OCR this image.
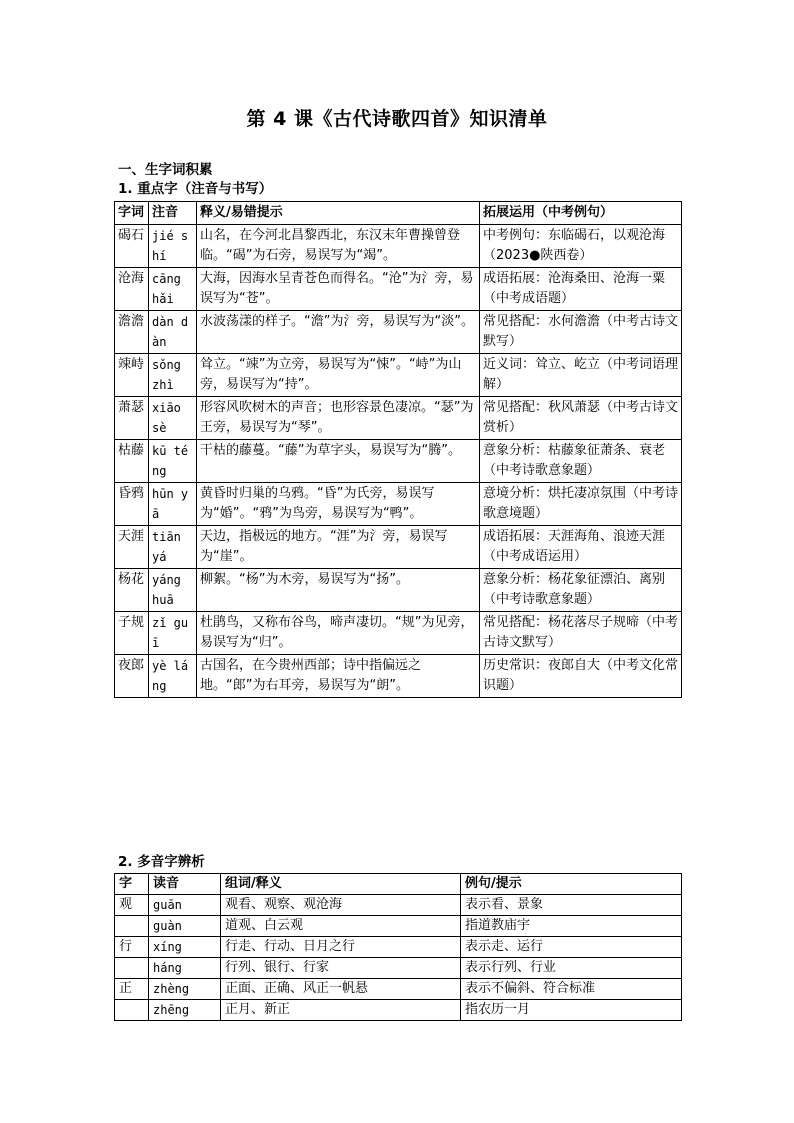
第 4 课《古代诗歌四首》知识清单
一、生字词积累
1. 重点字（注音与书写）
字词	注音	释义/易错提示	拓展运用（中考例句）
碣石	jié shí	山名，在今河北昌黎西北，东汉末年曹操曾登临。“碣”为石旁，易误写为“竭”。	中考例句：东临碣石，以观沧海（2023●陕西卷）
沧海	cāng hǎi	大海，因海水呈青苍色而得名。“沧”为氵旁，易误写为“苍”。	成语拓展：沧海桑田、沧海一粟（中考成语题）
澹澹	dàn dàn	水波荡漾的样子。“澹”为氵旁，易误写为“淡”。	常见搭配：水何澹澹（中考古诗文默写）
竦峙	sǒng zhì	耸立。“竦”为立旁，易误写为“悚”。“峙”为山旁，易误写为“持”。	近义词：耸立、屹立（中考词语理解）
萧瑟	xiāo sè	形容风吹树木的声音；也形容景色凄凉。“瑟”为王旁，易误写为“琴”。	常见搭配：秋风萧瑟（中考古诗文赏析）
枯藤	kū téng	干枯的藤蔓。“藤”为草字头，易误写为“腾”。	意象分析：枯藤象征萧条、衰老（中考诗歌意象题）
昏鸦	hūn yā	黄昏时归巢的乌鸦。“昏”为氏旁，易误写为“婚”。“鸦”为鸟旁，易误写为“鸭”。	意境分析：烘托凄凉氛围（中考诗歌意境题）
天涯	tiān yá	天边，指极远的地方。“涯”为氵旁，易误写为“崖”。	成语拓展：天涯海角、浪迹天涯（中考成语运用）
杨花	yáng huā	柳絮。“杨”为木旁，易误写为“扬”。	意象分析：杨花象征漂泊、离别（中考诗歌意象题）
子规	zǐ guī	杜鹃鸟，又称布谷鸟，啼声凄切。“规”为见旁，易误写为“归”。	常见搭配：杨花落尽子规啼（中考古诗文默写）
夜郎	yè láng	古国名，在今贵州西部；诗中指偏远之地。“郎”为右耳旁，易误写为“朗”。	历史常识：夜郎自大（中考文化常识题）
2. 多音字辨析
字	读音	组词/释义	例句/提示
观	guān	观看、观察、观沧海	表示看、景象
	guàn	道观、白云观	指道教庙宇
行	xíng	行走、行动、日月之行	表示走、运行
	háng	行列、银行、行家	表示行列、行业
正	zhèng	正面、正确、风正一帆悬	表示不偏斜、符合标准
	zhēng	正月、新正	指农历一月
